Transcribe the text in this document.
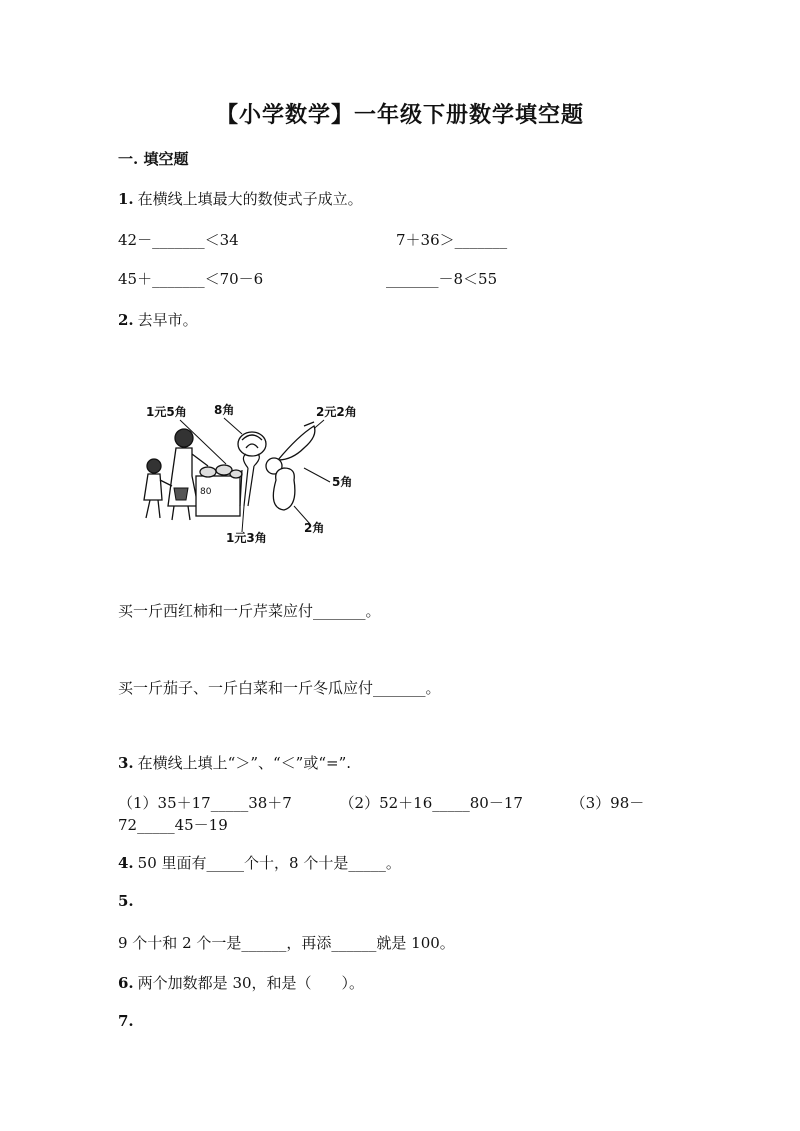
【小学数学】一年级下册数学填空题
一. 填空题
1. 在横线上填最大的数使式子成立。
42－_______＜34	7＋36＞_______
45＋_______＜70－6	_______－8＜55
2. 去早市。
1元5角 8角	2元2角
5角
2角
1元3角
80
买一斤西红柿和一斤芹菜应付_______。
买一斤茄子、一斤白菜和一斤冬瓜应付_______。
3. 在横线上填上“＞”、“＜”或“=”.
（1）35＋17_____38＋7          （2）52＋16_____80－17          （3）98－
72_____45－19
4. 50 里面有_____个十，8 个十是_____。
5.
9 个十和 2 个一是______，再添______就是 100。
6. 两个加数都是 30，和是（　　）。
7.
